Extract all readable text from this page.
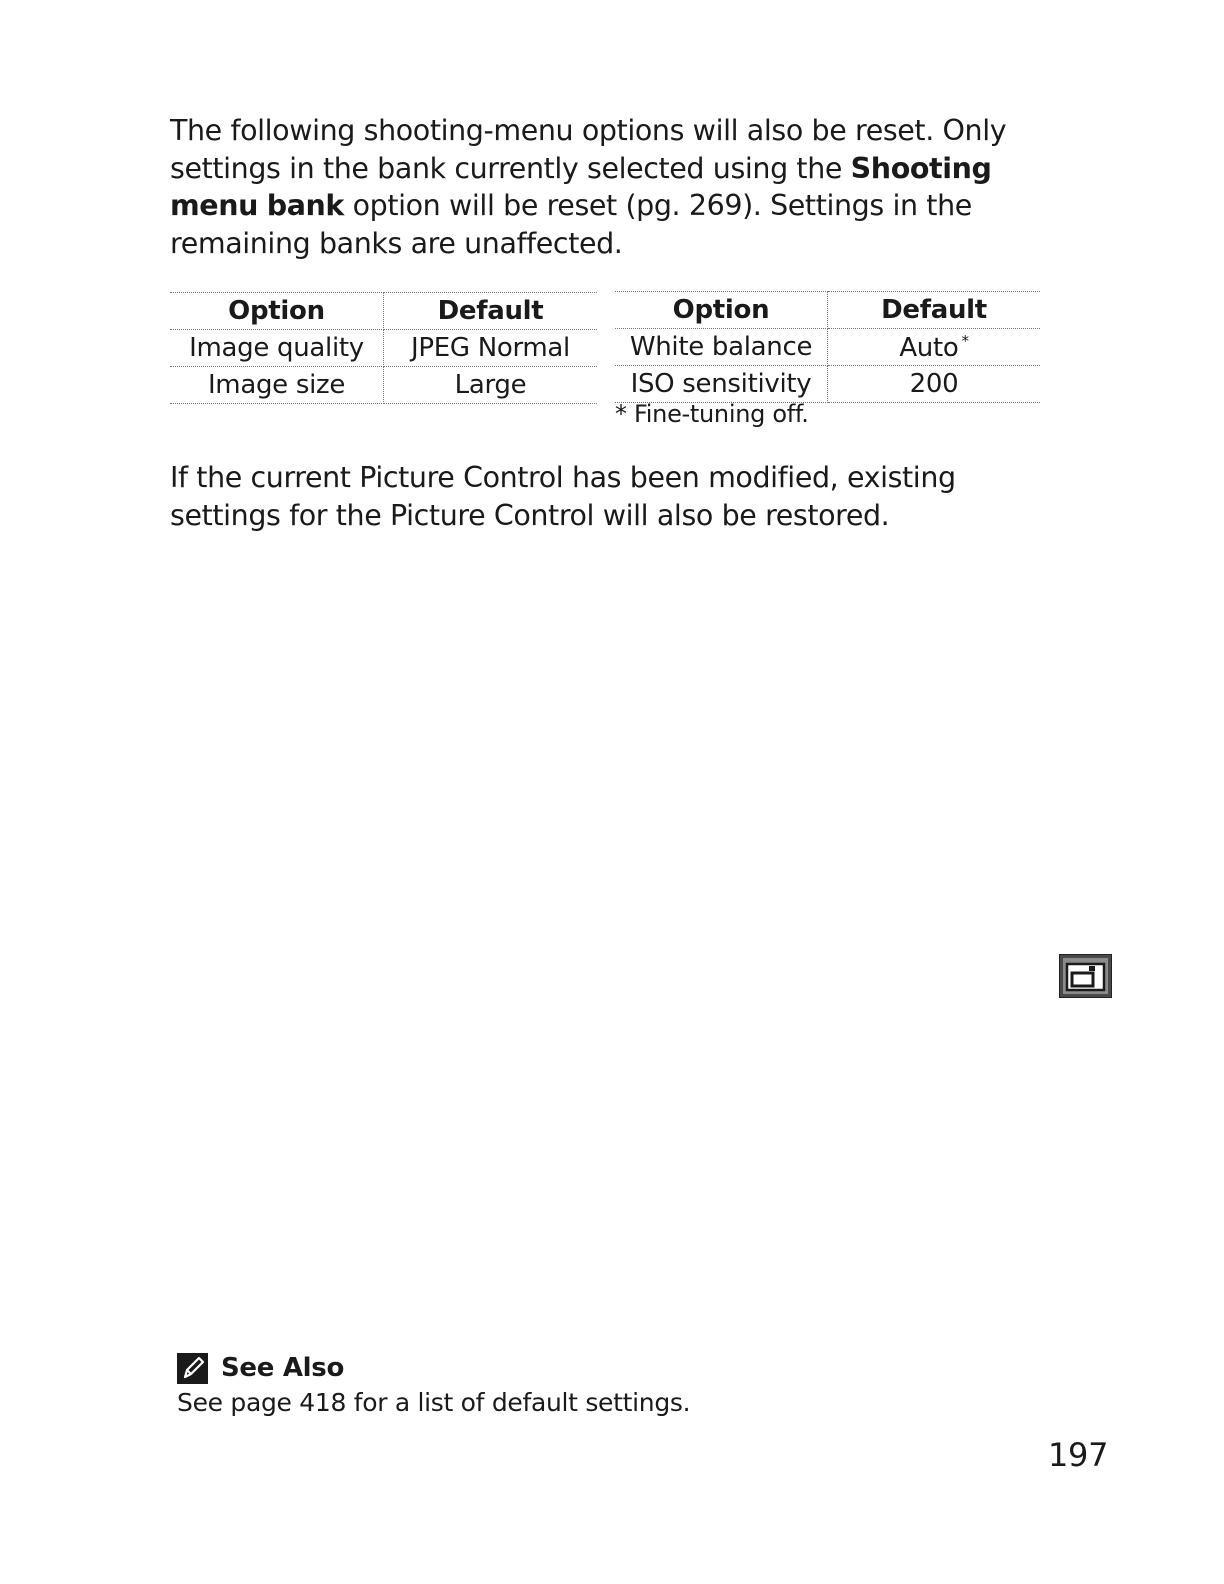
The following shooting-menu options will also be reset. Only settings in the bank currently selected using the Shooting menu bank option will be reset (pg. 269). Settings in the remaining banks are unaffected.

Option	Default
Image quality	JPEG Normal
Image size	Large
Option	Default
White balance	Auto *
ISO sensitivity	200
* Fine-tuning off.

If the current Picture Control has been modified, existing settings for the Picture Control will also be restored.

See Also
See page 418 for a list of default settings.
197
